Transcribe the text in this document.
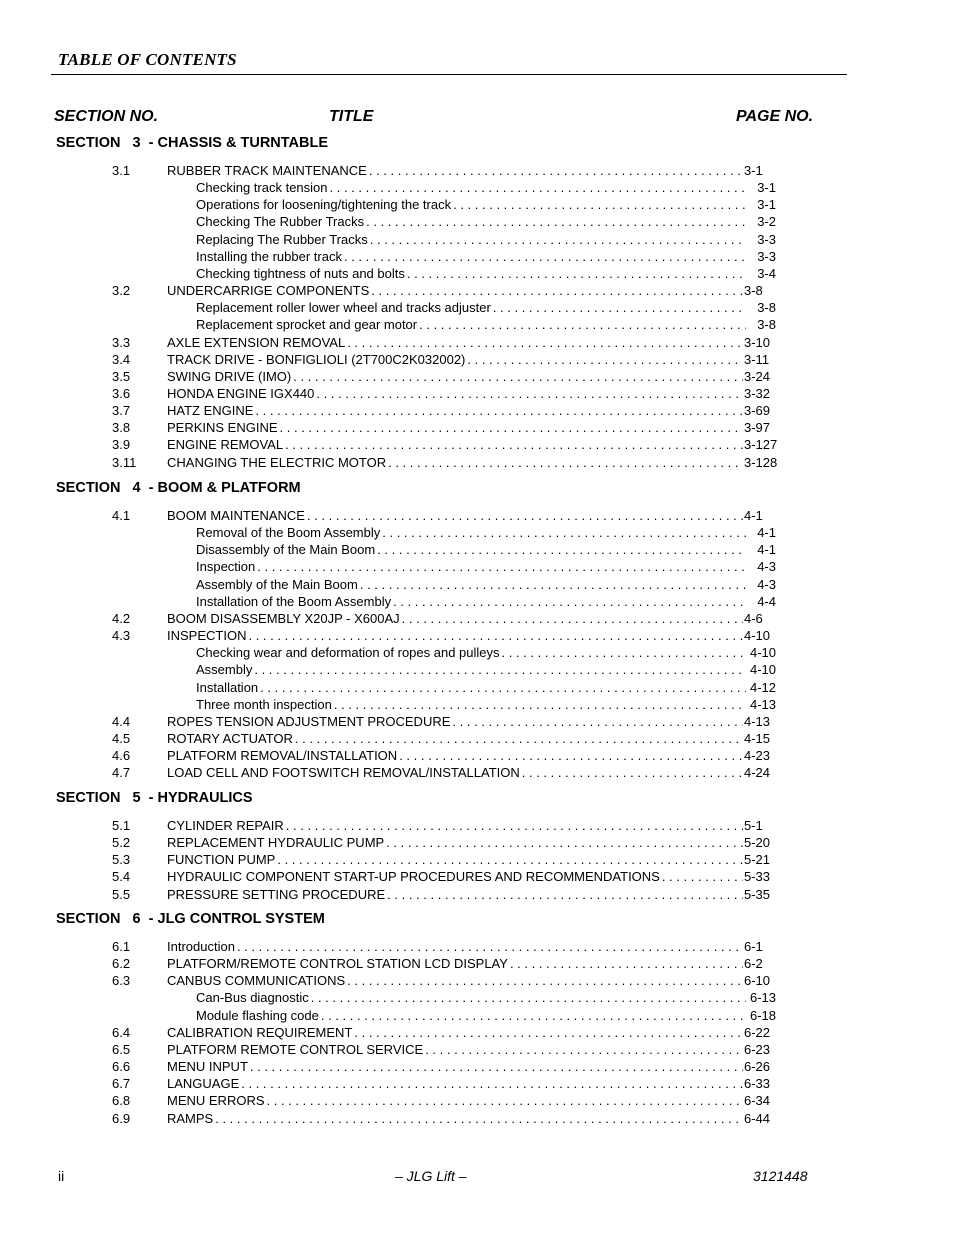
TABLE OF CONTENTS
SECTION NO.	TITLE	PAGE NO.
SECTION   3  - CHASSIS & TURNTABLE
3.1	RUBBER TRACK MAINTENANCE . . .	3-1
Checking track tension . . .	3-1
Operations for loosening/tightening the track . . .	3-1
Checking The Rubber Tracks . . .	3-2
Replacing The Rubber Tracks . . .	3-3
Installing the rubber track . . .	3-3
Checking tightness of nuts and bolts . . .	3-4
3.2	UNDERCARRIGE COMPONENTS . . .	3-8
Replacement roller lower wheel and tracks adjuster . . .	3-8
Replacement sprocket and gear motor . . .	3-8
3.3	AXLE EXTENSION REMOVAL . . .	3-10
3.4	TRACK DRIVE - BONFIGLIOLI (2T700C2K032002) . . .	3-11
3.5	SWING DRIVE (IMO) . . .	3-24
3.6	HONDA ENGINE IGX440 . . .	3-32
3.7	HATZ ENGINE . . .	3-69
3.8	PERKINS ENGINE . . .	3-97
3.9	ENGINE REMOVAL . . .	3-127
3.11 CHANGING THE ELECTRIC MOTOR . . .	3-128
SECTION   4  - BOOM & PLATFORM
4.1	BOOM MAINTENANCE . . .	4-1
Removal of the Boom Assembly . . .	4-1
Disassembly of the Main Boom . . .	4-1
Inspection . . .	4-3
Assembly of the Main Boom . . .	4-3
Installation of the Boom Assembly . . .	4-4
4.2	BOOM DISASSEMBLY X20JP - X600AJ . . .	4-6
4.3	INSPECTION . . .	4-10
Checking wear and deformation of ropes and pulleys . . .	4-10
Assembly . . .	4-10
Installation . . .	4-12
Three month inspection . . .	4-13
4.4	ROPES TENSION ADJUSTMENT PROCEDURE . . .	4-13
4.5	ROTARY ACTUATOR . . .	4-15
4.6	PLATFORM REMOVAL/INSTALLATION . . .	4-23
4.7	LOAD CELL AND FOOTSWITCH REMOVAL/INSTALLATION . . .	4-24
SECTION   5  - HYDRAULICS
5.1	CYLINDER REPAIR . . .	5-1
5.2	REPLACEMENT HYDRAULIC PUMP . . .	5-20
5.3	FUNCTION PUMP . . .	5-21
5.4	HYDRAULIC COMPONENT START-UP PROCEDURES AND RECOMMENDATIONS . . .	5-33
5.5	PRESSURE SETTING PROCEDURE . . .	5-35
SECTION   6  - JLG CONTROL SYSTEM
6.1	Introduction . . .	6-1
6.2	PLATFORM/REMOTE CONTROL STATION LCD DISPLAY . . .	6-2
6.3	CANBUS COMMUNICATIONS . . .	6-10
Can-Bus diagnostic . . .	6-13
Module flashing code . . .	6-18
6.4	CALIBRATION REQUIREMENT . . .	6-22
6.5	PLATFORM REMOTE CONTROL SERVICE . . .	6-23
6.6	MENU INPUT . . .	6-26
6.7	LANGUAGE . . .	6-33
6.8	MENU ERRORS . . .	6-34
6.9	RAMPS . . .	6-44
ii	– JLG Lift –	3121448
